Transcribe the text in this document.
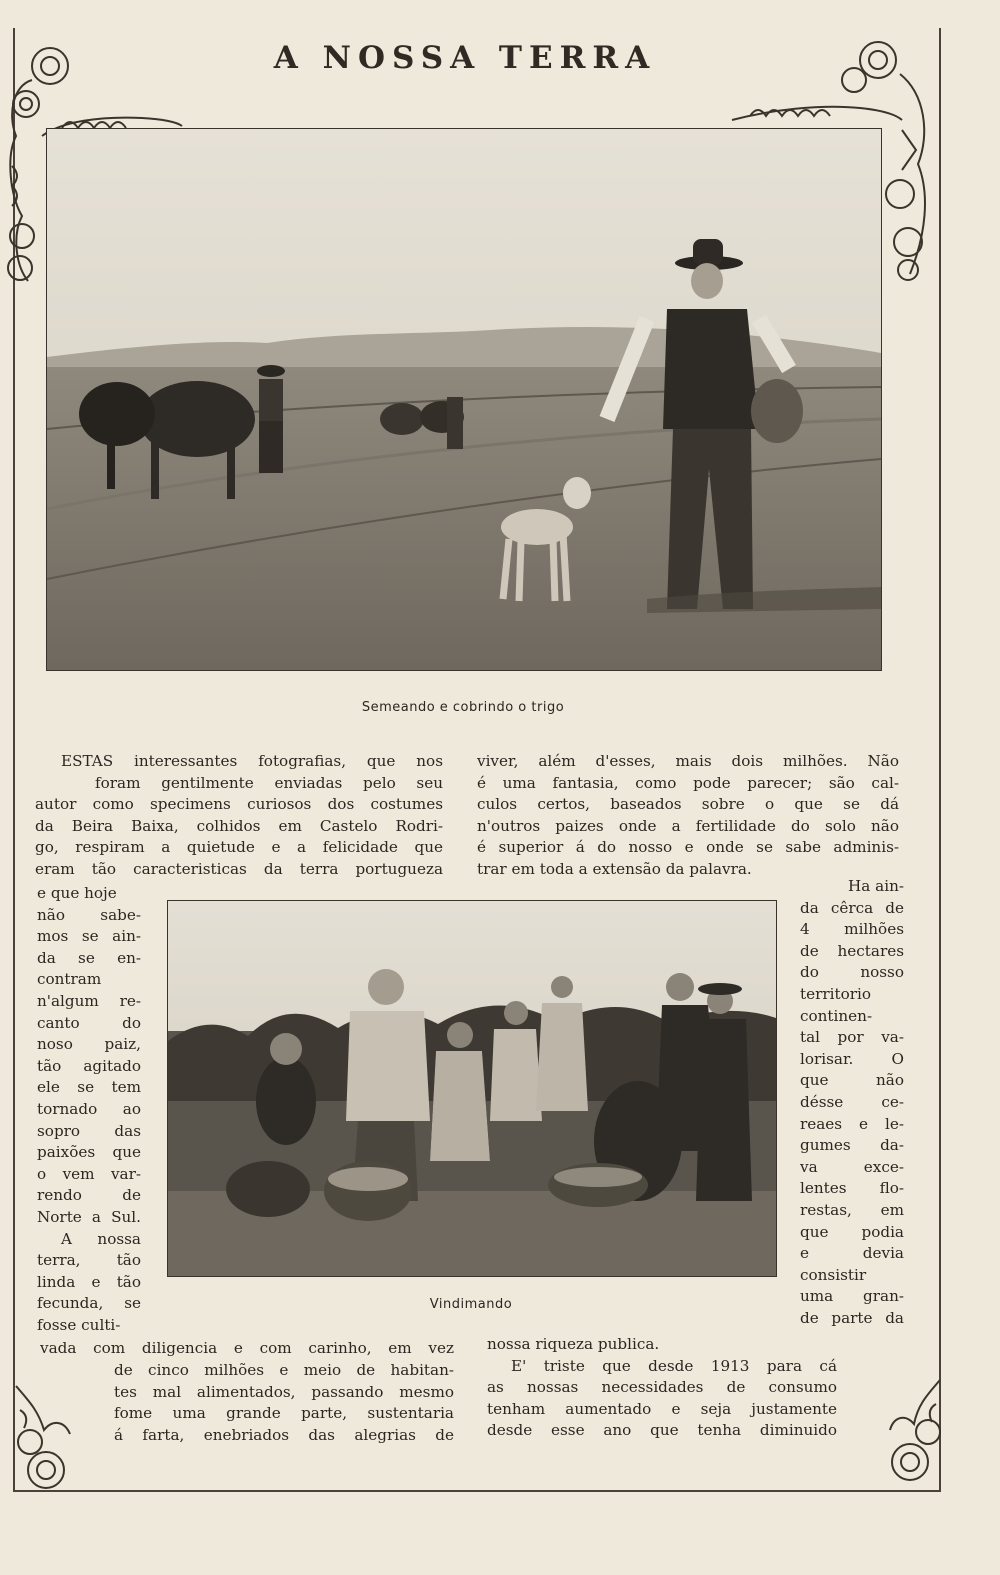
A NOSSA TERRA

Semeando e cobrindo o trigo

ESTAS interessantes fotografias, que nos
foram gentilmente enviadas pelo seu
autor como specimens curiosos dos costumes
da Beira Baixa, colhidos em Castelo Rodri-
go, respiram a quietude e a felicidade que
eram tão caracteristicas da terra portugueza
e que hoje
não sabe-
mos se ain-
da se en-
contram
n'algum re-
canto do
noso paiz,
tão agitado
ele se tem
tornado ao
sopro das
paixões que
o vem var-
rendo de
Norte a Sul.
A nossa
terra, tão
linda e tão
fecunda, se
fosse culti-

Vindimando

vada com diligencia e com carinho, em vez
de cinco milhões e meio de habitan-
tes mal alimentados, passando mesmo
fome uma grande parte, sustentaria
á farta, enebriados das alegrias de
viver, além d'esses, mais dois milhões. Não
é uma fantasia, como pode parecer; são cal-
culos certos, baseados sobre o que se dá
n'outros paizes onde a fertilidade do solo não
é superior á do nosso e onde se sabe adminis-
trar em toda a extensão da palavra.
Ha ain-
da cêrca de
4 milhões
de hectares
do nosso
territorio
continen-
tal por va-
lorisar. O
que não
désse ce-
reaes e le-
gumes da-
va exce-
lentes flo-
restas, em
que podia
e devia
consistir
uma gran-
de parte da
nossa riqueza publica.
E' triste que desde 1913 para cá
as nossas necessidades de consumo
tenham aumentado e seja justamente
desde esse ano que tenha diminuido
